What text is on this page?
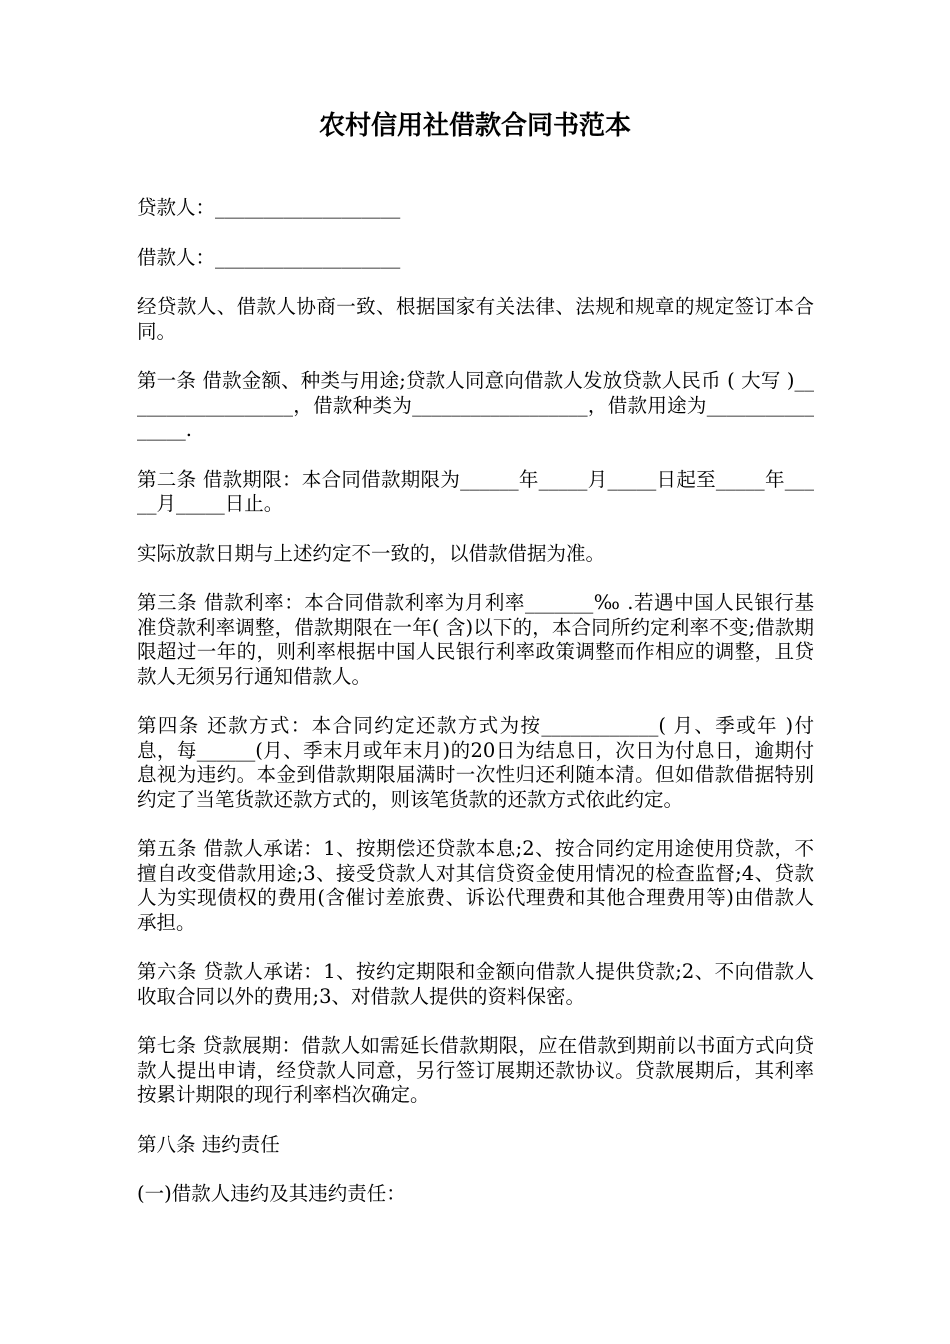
农村信用社借款合同书范本

贷款人：___________________

借款人：___________________

经贷款人、借款人协商一致、根据国家有关法律、法规和规章的规定签订本合同。

第一条 借款金额、种类与用途;贷款人同意向借款人发放贷款人民币 ( 大写 )__________________，借款种类为__________________，借款用途为________________.

第二条 借款期限：本合同借款期限为______年_____月_____日起至_____年_____月_____日止。

实际放款日期与上述约定不一致的，以借款借据为准。

第三条 借款利率：本合同借款利率为月利率_______‰ .若遇中国人民银行基准贷款利率调整，借款期限在一年( 含)以下的，本合同所约定利率不变;借款期限超过一年的，则利率根据中国人民银行利率政策调整而作相应的调整，且贷款人无须另行通知借款人。

第四条 还款方式：本合同约定还款方式为按____________( 月、季或年 )付息，每______(月、季末月或年末月)的20日为结息日，次日为付息日，逾期付息视为违约。本金到借款期限届满时一次性归还利随本清。但如借款借据特别约定了当笔货款还款方式的，则该笔货款的还款方式依此约定。

第五条 借款人承诺：1、按期偿还贷款本息;2、按合同约定用途使用贷款，不擅自改变借款用途;3、接受贷款人对其信贷资金使用情况的检查监督;4、贷款人为实现债权的费用(含催讨差旅费、诉讼代理费和其他合理费用等)由借款人承担。

第六条 贷款人承诺：1、按约定期限和金额向借款人提供贷款;2、不向借款人收取合同以外的费用;3、对借款人提供的资料保密。

第七条 贷款展期：借款人如需延长借款期限，应在借款到期前以书面方式向贷款人提出申请，经贷款人同意，另行签订展期还款协议。贷款展期后，其利率按累计期限的现行利率档次确定。

第八条 违约责任

(一)借款人违约及其违约责任：
